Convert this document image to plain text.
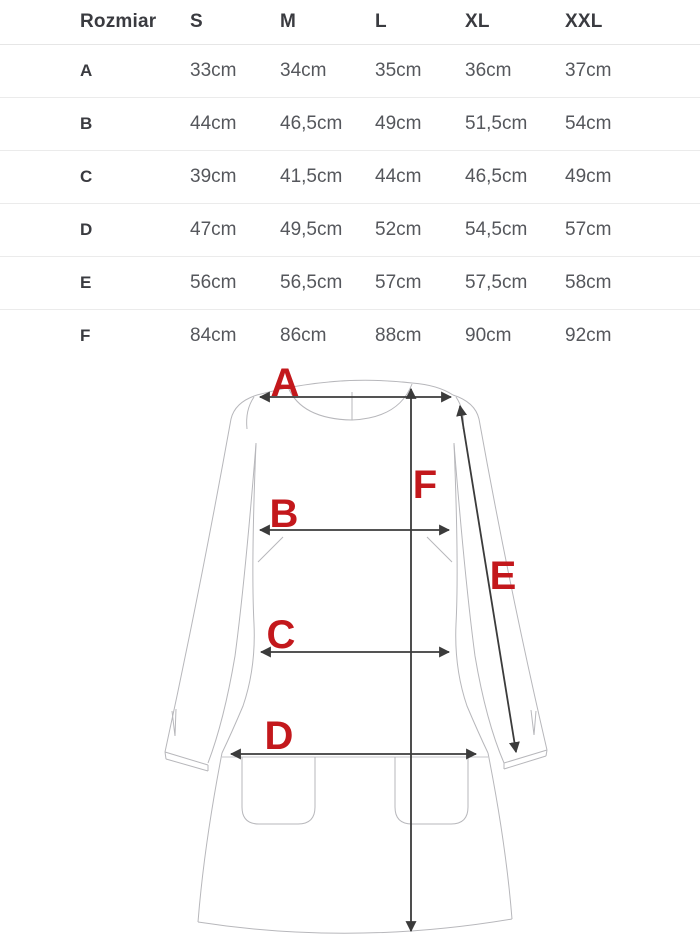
Rozmiar	S	M	L	XL	XXL
A	33cm	34cm	35cm	36cm	37cm
B	44cm	46,5cm	49cm	51,5cm	54cm
C	39cm	41,5cm	44cm	46,5cm	49cm
D	47cm	49,5cm	52cm	54,5cm	57cm
E	56cm	56,5cm	57cm	57,5cm	58cm
F	84cm	86cm	88cm	90cm	92cm
A
B
C
D
E
F
